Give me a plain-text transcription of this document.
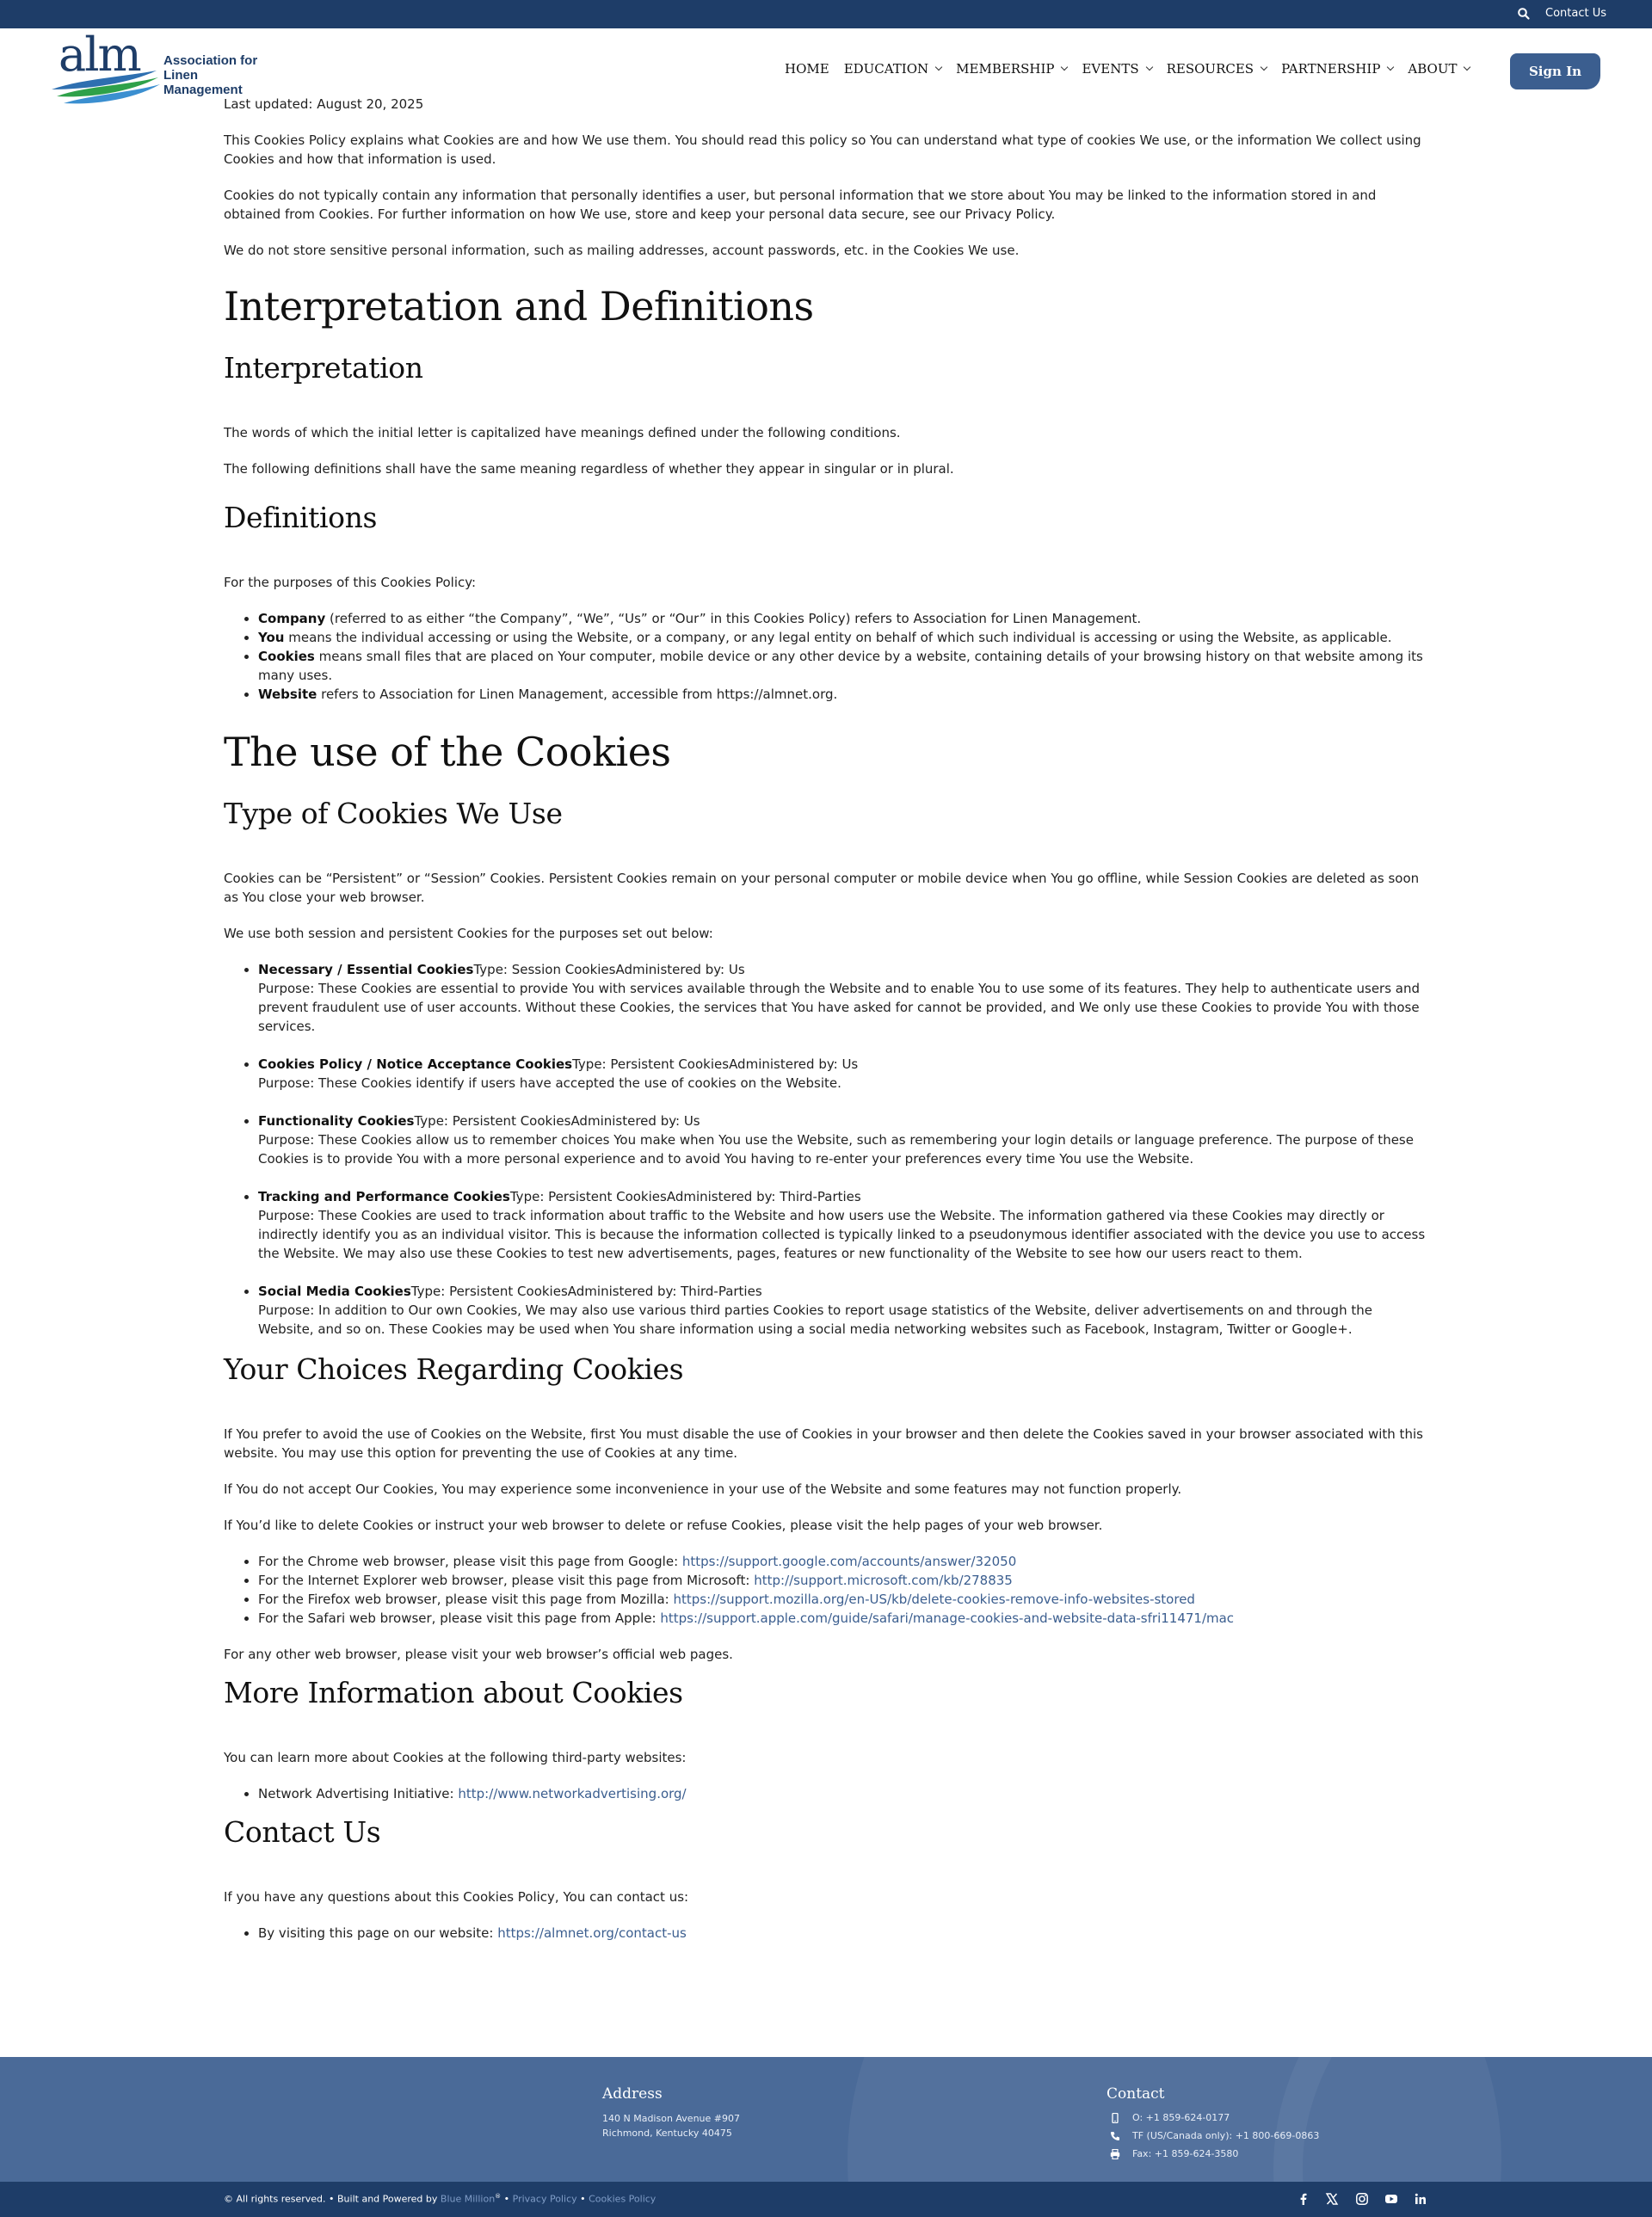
Contact Us
alm Association for
Linen Management
HOME EDUCATION MEMBERSHIP EVENTS RESOURCES PARTNERSHIP ABOUT	Sign In

Last updated: August 20, 2025

This Cookies Policy explains what Cookies are and how We use them. You should read this policy so You can understand what type of cookies We use, or the information We collect using Cookies and how that information is used.

Cookies do not typically contain any information that personally identifies a user, but personal information that we store about You may be linked to the information stored in and obtained from Cookies. For further information on how We use, store and keep your personal data secure, see our Privacy Policy.

We do not store sensitive personal information, such as mailing addresses, account passwords, etc. in the Cookies We use.

Interpretation and Definitions
Interpretation

The words of which the initial letter is capitalized have meanings defined under the following conditions.

The following definitions shall have the same meaning regardless of whether they appear in singular or in plural.

Definitions

For the purposes of this Cookies Policy:

• Company (referred to as either “the Company”, “We”, “Us” or “Our” in this Cookies Policy) refers to Association for Linen Management.
• You means the individual accessing or using the Website, or a company, or any legal entity on behalf of which such individual is accessing or using the Website, as applicable.
• Cookies means small files that are placed on Your computer, mobile device or any other device by a website, containing details of your browsing history on that website among its many uses.
• Website refers to Association for Linen Management, accessible from https://almnet.org.
The use of the Cookies
Type of Cookies We Use

Cookies can be “Persistent” or “Session” Cookies. Persistent Cookies remain on your personal computer or mobile device when You go offline, while Session Cookies are deleted as soon as You close your web browser.

We use both session and persistent Cookies for the purposes set out below:

• Necessary / Essential CookiesType: Session CookiesAdministered by: Us
Purpose: These Cookies are essential to provide You with services available through the Website and to enable You to use some of its features. They help to authenticate users and prevent fraudulent use of user accounts. Without these Cookies, the services that You have asked for cannot be provided, and We only use these Cookies to provide You with those services.
• Cookies Policy / Notice Acceptance CookiesType: Persistent CookiesAdministered by: Us
Purpose: These Cookies identify if users have accepted the use of cookies on the Website.
• Functionality CookiesType: Persistent CookiesAdministered by: Us
Purpose: These Cookies allow us to remember choices You make when You use the Website, such as remembering your login details or language preference. The purpose of these Cookies is to provide You with a more personal experience and to avoid You having to re-enter your preferences every time You use the Website.
• Tracking and Performance CookiesType: Persistent CookiesAdministered by: Third-Parties
Purpose: These Cookies are used to track information about traffic to the Website and how users use the Website. The information gathered via these Cookies may directly or indirectly identify you as an individual visitor. This is because the information collected is typically linked to a pseudonymous identifier associated with the device you use to access the Website. We may also use these Cookies to test new advertisements, pages, features or new functionality of the Website to see how our users react to them.
• Social Media CookiesType: Persistent CookiesAdministered by: Third-Parties
Purpose: In addition to Our own Cookies, We may also use various third parties Cookies to report usage statistics of the Website, deliver advertisements on and through the Website, and so on. These Cookies may be used when You share information using a social media networking websites such as Facebook, Instagram, Twitter or Google+.
Your Choices Regarding Cookies

If You prefer to avoid the use of Cookies on the Website, first You must disable the use of Cookies in your browser and then delete the Cookies saved in your browser associated with this website. You may use this option for preventing the use of Cookies at any time.

If You do not accept Our Cookies, You may experience some inconvenience in your use of the Website and some features may not function properly.

If You’d like to delete Cookies or instruct your web browser to delete or refuse Cookies, please visit the help pages of your web browser.

• For the Chrome web browser, please visit this page from Google: https://support.google.com/accounts/answer/32050
• For the Internet Explorer web browser, please visit this page from Microsoft: http://support.microsoft.com/kb/278835
• For the Firefox web browser, please visit this page from Mozilla: https://support.mozilla.org/en-US/kb/delete-cookies-remove-info-websites-stored
• For the Safari web browser, please visit this page from Apple: https://support.apple.com/guide/safari/manage-cookies-and-website-data-sfri11471/mac

For any other web browser, please visit your web browser’s official web pages.

More Information about Cookies

You can learn more about Cookies at the following third-party websites:

• Network Advertising Initiative: http://www.networkadvertising.org/
Contact Us

If you have any questions about this Cookies Policy, You can contact us:

• By visiting this page on our website: https://almnet.org/contact-us
Address
140 N Madison Avenue #907
Richmond, Kentucky 40475
Contact
O: +1 859-624-0177
TF (US/Canada only): +1 800-669-0863
Fax: +1 859-624-3580
© All rights reserved. • Built and Powered by Blue Million® • Privacy Policy • Cookies Policy
